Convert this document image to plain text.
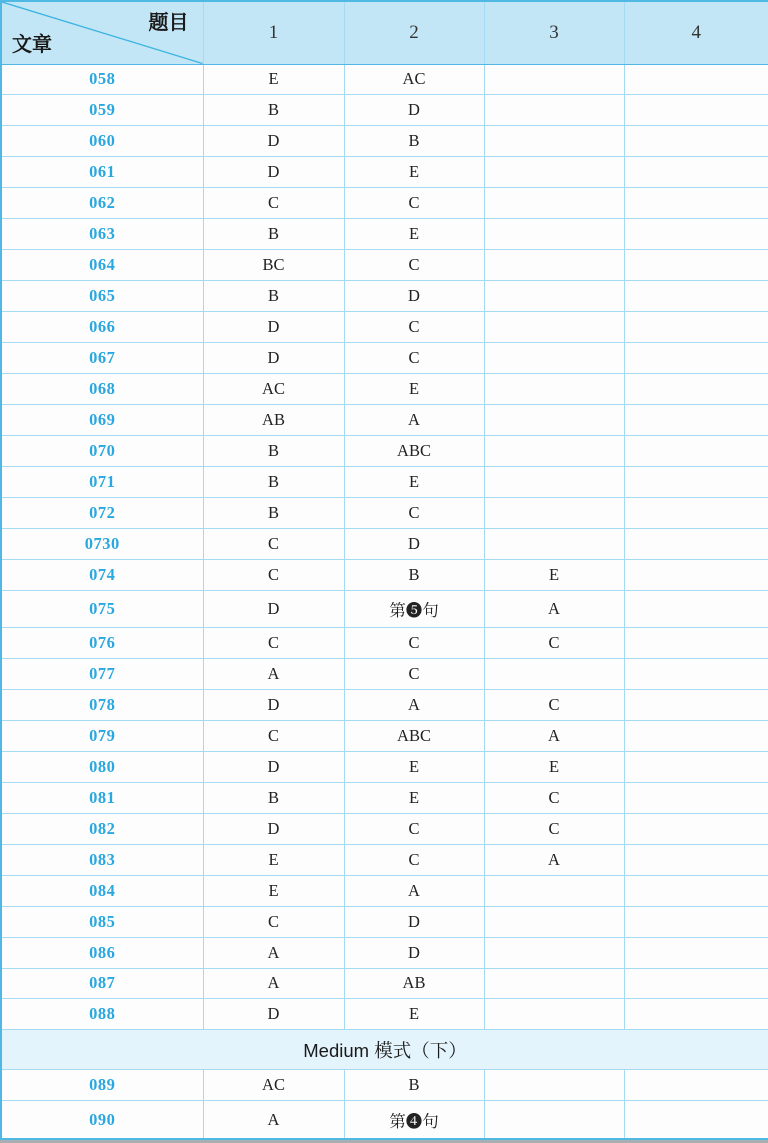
题目
文章	1	2	3	4
058	E	AC		
059	B	D		
060	D	B		
061	D	E		
062	C	C		
063	B	E		
064	BC	C		
065	B	D		
066	D	C		
067	D	C		
068	AC	E		
069	AB	A		
070	B	ABC		
071	B	E		
072	B	C		
0730	C	D		
074	C	B	E	
075	D	第❺句	A	
076	C	C	C	
077	A	C		
078	D	A	C	
079	C	ABC	A	
080	D	E	E	
081	B	E	C	
082	D	C	C	
083	E	C	A	
084	E	A		
085	C	D		
086	A	D		
087	A	AB		
088	D	E		
Medium 模式（下）				
089	AC	B		
090	A	第❹句		
